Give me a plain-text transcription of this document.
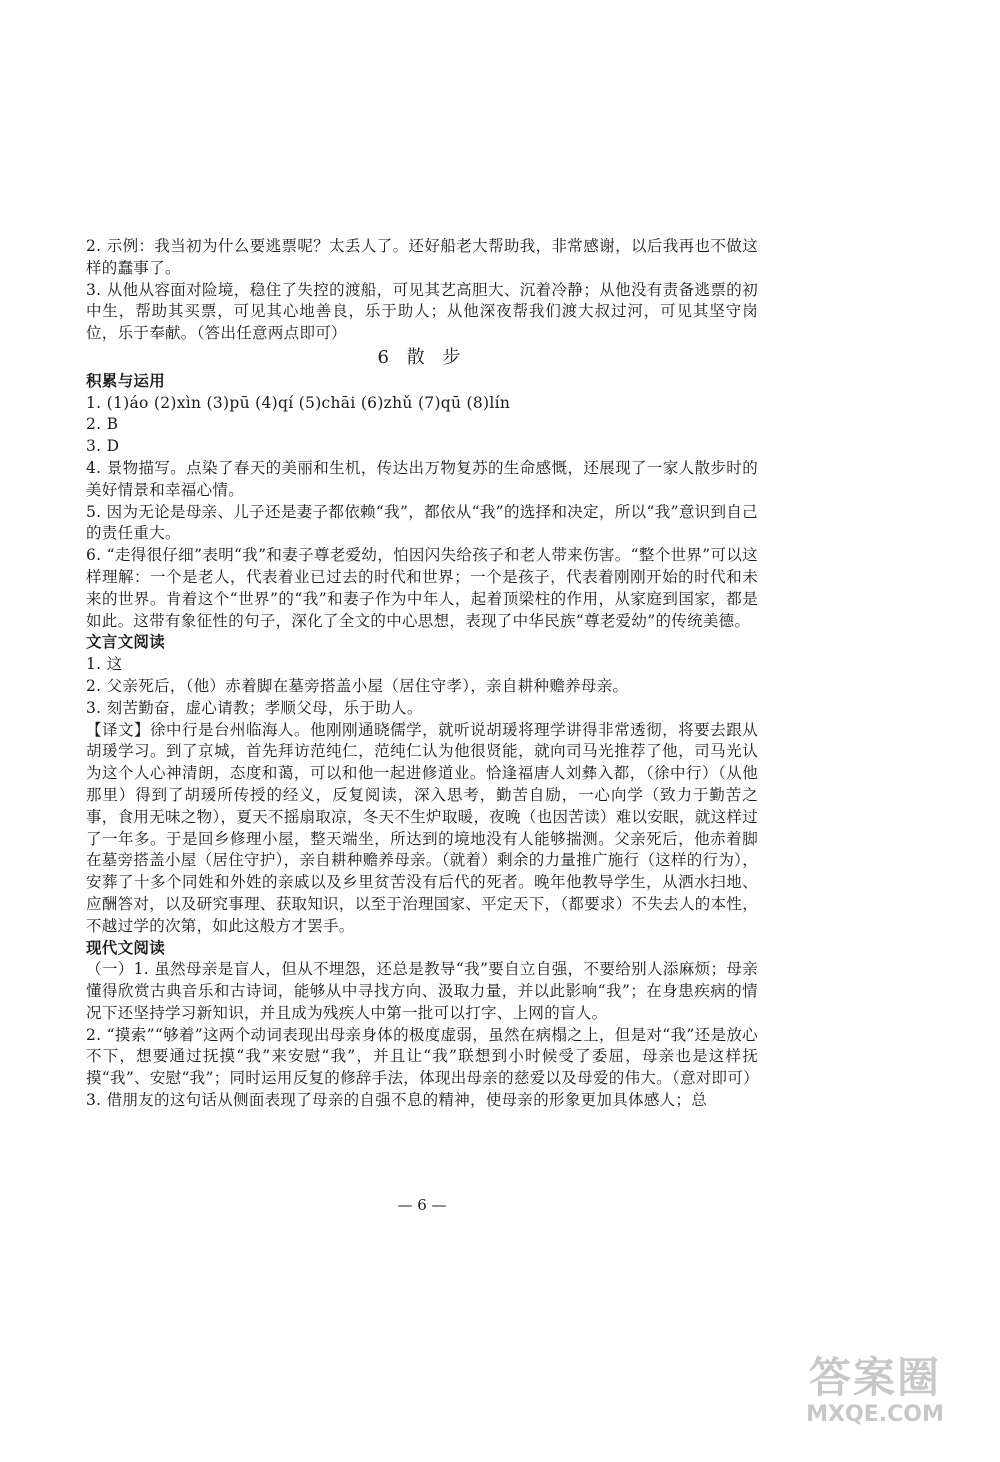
2. 示例：我当初为什么要逃票呢？太丢人了。还好船老大帮助我，非常感谢，以后我再也不做这样的蠢事了。

3. 从他从容面对险境，稳住了失控的渡船，可见其艺高胆大、沉着冷静；从他没有责备逃票的初中生，帮助其买票，可见其心地善良，乐于助人；从他深夜帮我们渡大叔过河，可见其坚守岗位，乐于奉献。（答出任意两点即可）

6 散 步

积累与运用

1. (1)áo (2)xìn (3)pū (4)qí (5)chāi (6)zhǔ (7)qū (8)lín

2. B

3. D

4. 景物描写。点染了春天的美丽和生机，传达出万物复苏的生命感慨，还展现了一家人散步时的美好情景和幸福心情。

5. 因为无论是母亲、儿子还是妻子都依赖“我”，都依从“我”的选择和决定，所以“我”意识到自己的责任重大。

6. “走得很仔细”表明“我”和妻子尊老爱幼，怕因闪失给孩子和老人带来伤害。“整个世界”可以这样理解：一个是老人，代表着业已过去的时代和世界；一个是孩子，代表着刚刚开始的时代和未来的世界。肯着这个“世界”的“我”和妻子作为中年人，起着顶梁柱的作用，从家庭到国家，都是如此。这带有象征性的句子，深化了全文的中心思想，表现了中华民族“尊老爱幼”的传统美德。

文言文阅读

1. 这

2. 父亲死后，（他）赤着脚在墓旁搭盖小屋（居住守孝），亲自耕种赡养母亲。

3. 刻苦勤奋，虚心请教；孝顺父母，乐于助人。

【译文】徐中行是台州临海人。他刚刚通晓儒学，就听说胡瑗将理学讲得非常透彻，将要去跟从胡瑗学习。到了京城，首先拜访范纯仁，范纯仁认为他很贤能，就向司马光推荐了他，司马光认为这个人心神清朗，态度和蔼，可以和他一起进修道业。恰逢福唐人刘彝入都，（徐中行）（从他那里）得到了胡瑗所传授的经义，反复阅读，深入思考，勤苦自励，一心向学（致力于勤苦之事，食用无味之物），夏天不摇扇取凉，冬天不生炉取暖，夜晚（也因苦读）难以安眠，就这样过了一年多。于是回乡修理小屋，整天端坐，所达到的境地没有人能够揣测。父亲死后，他赤着脚在墓旁搭盖小屋（居住守护），亲自耕种赡养母亲。（就着）剩余的力量推广施行（这样的行为），安葬了十多个同姓和外姓的亲戚以及乡里贫苦没有后代的死者。晚年他教导学生，从洒水扫地、应酬答对，以及研究事理、获取知识，以至于治理国家、平定天下，（都要求）不失去人的本性，不越过学的次第，如此这般方才罢手。

现代文阅读

（一）1. 虽然母亲是盲人，但从不埋怨，还总是教导“我”要自立自强，不要给别人添麻烦；母亲懂得欣赏古典音乐和古诗词，能够从中寻找方向、汲取力量，并以此影响“我”；在身患疾病的情况下还坚持学习新知识，并且成为残疾人中第一批可以打字、上网的盲人。

2. “摸索”“够着”这两个动词表现出母亲身体的极度虚弱，虽然在病榻之上，但是对“我”还是放心不下，想要通过抚摸“我”来安慰“我”，并且让“我”联想到小时候受了委屈，母亲也是这样抚摸“我”、安慰“我”；同时运用反复的修辞手法，体现出母亲的慈爱以及母爱的伟大。（意对即可）

3. 借朋友的这句话从侧面表现了母亲的自强不息的精神，使母亲的形象更加具体感人；总

— 6 —
答案圈
MXQE.COM
